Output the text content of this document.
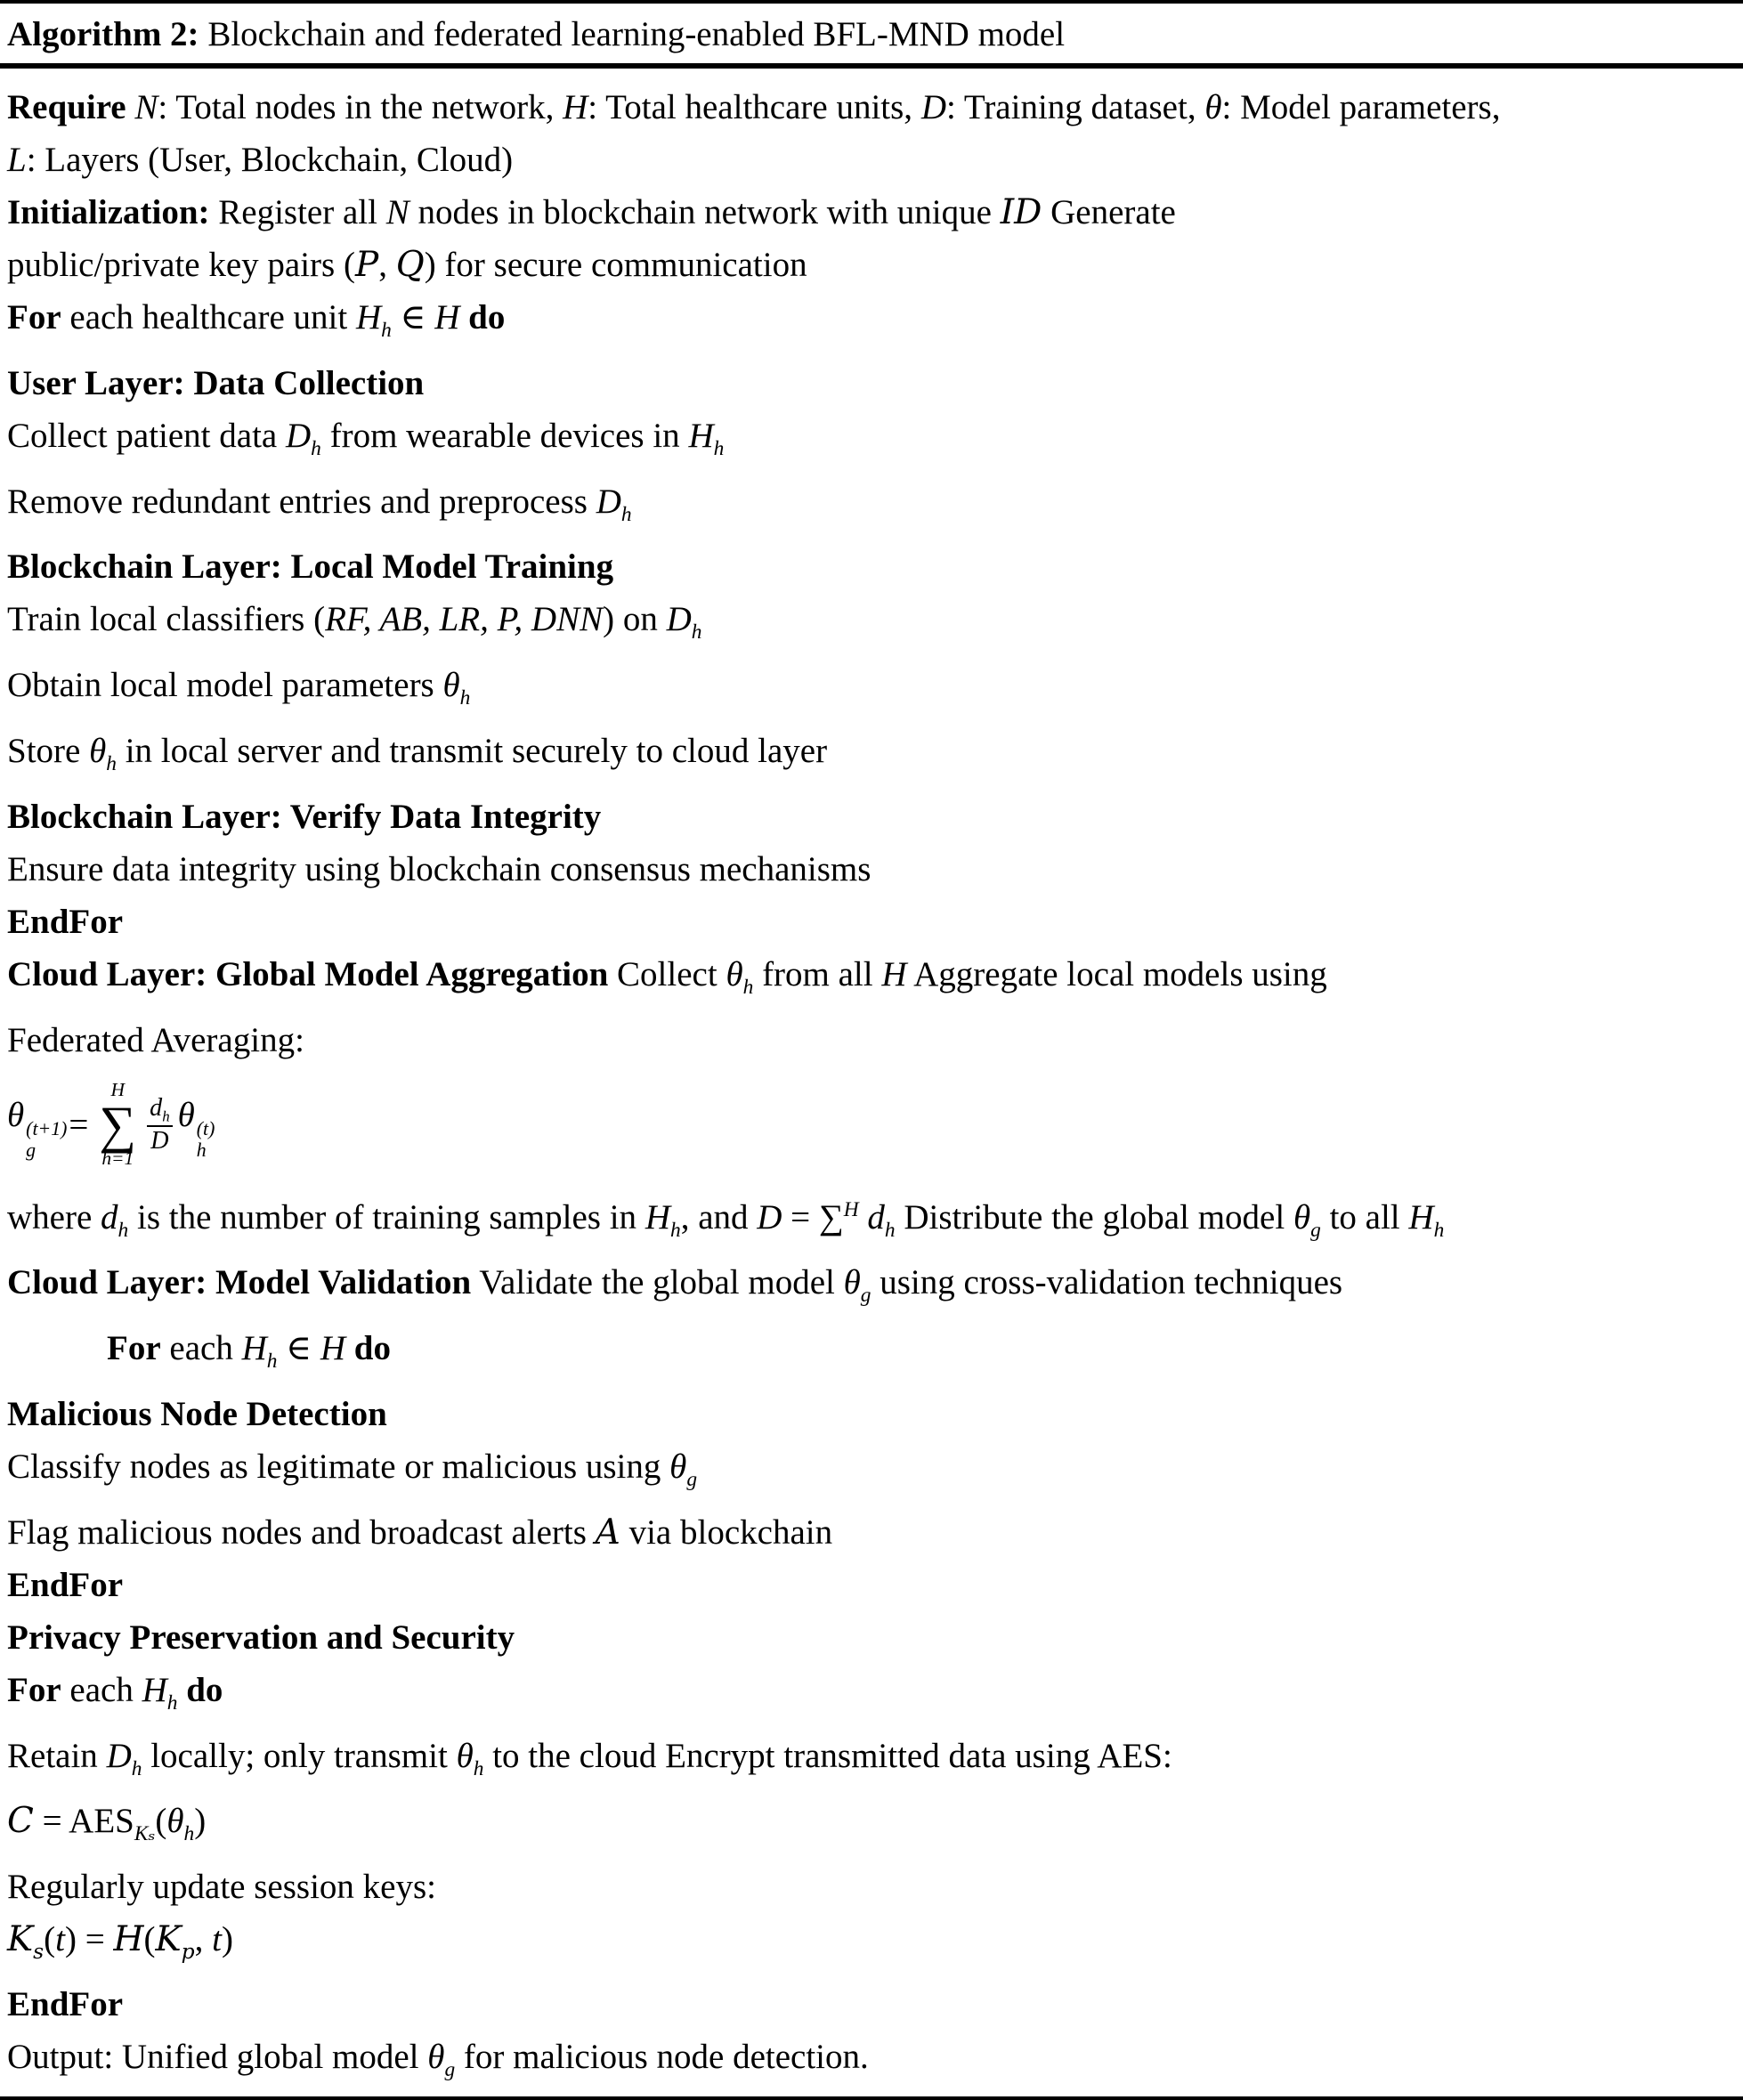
Algorithm 2: Blockchain and federated learning-enabled BFL-MND model
Require N: Total nodes in the network, H: Total healthcare units, D: Training dataset, θ: Model parameters,
L: Layers (User, Blockchain, Cloud)
Initialization: Register all N nodes in blockchain network with unique ID Generate
public/private key pairs (P, Q) for secure communication
For each healthcare unit $H_h$ ∈ H do
User Layer: Data Collection
Collect patient data $D_h$ from wearable devices in $H_h$
Remove redundant entries and preprocess $D_h$
Blockchain Layer: Local Model Training
Train local classifiers (RF, AB, LR, P, DNN) on $D_h$
Obtain local model parameters $\theta_h$
Store $\theta_h$ in local server and transmit securely to cloud layer
Blockchain Layer: Verify Data Integrity
Ensure data integrity using blockchain consensus mechanisms
EndFor
Cloud Layer: Global Model Aggregation Collect $\theta_h$ from all H Aggregate local models using
Federated Averaging:
θ (t+1)
g
=
H
∑
h=1
$\frac{d_h}{D}$ θ (t)
h
where $d_h$ is the number of training samples in $H_h$, and D = ∑$^H$ $d_h$ Distribute the global model $\theta_g$ to all $H_h$
Cloud Layer: Model Validation Validate the global model $\theta_g$ using cross-validation techniques
For each $H_h$ ∈ H do
Malicious Node Detection
Classify nodes as legitimate or malicious using $\theta_g$
Flag malicious nodes and broadcast alerts A via blockchain
EndFor
Privacy Preservation and Security
For each $H_h$ do
Retain $D_h$ locally; only transmit $\theta_h$ to the cloud Encrypt transmitted data using AES:
$C = AES_{K_s}(\theta_h)$
Regularly update session keys:
$K_s(t) = H(K_p$, t)
EndFor
Output: Unified global model $\theta_g$ for malicious node detection.
